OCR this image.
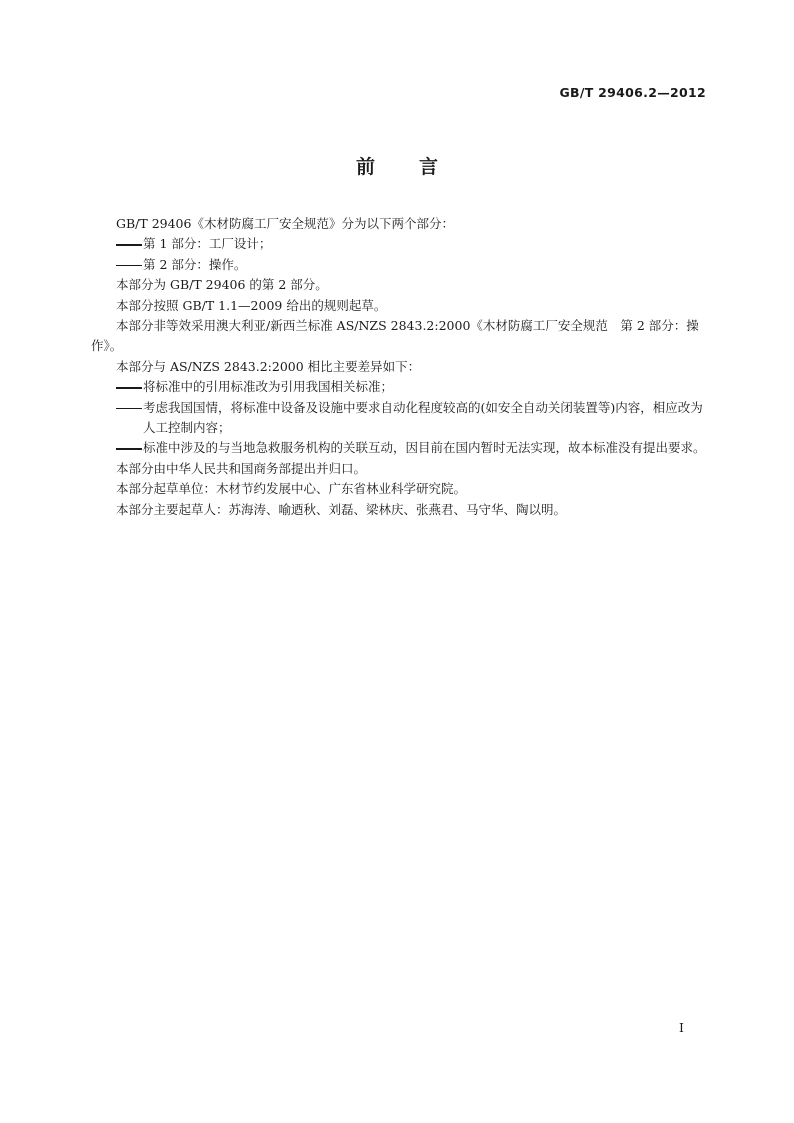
GB/T 29406.2—2012
前言

GB/T 29406《木材防腐工厂安全规范》分为以下两个部分：

第 1 部分：工厂设计；
第 2 部分：操作。

本部分为 GB/T 29406 的第 2 部分。

本部分按照 GB/T 1.1—2009 给出的规则起草。

本部分非等效采用澳大利亚/新西兰标准 AS/NZS 2843.2:2000《木材防腐工厂安全规范　第 2 部分：操作》。

本部分与 AS/NZS 2843.2:2000 相比主要差异如下：

将标准中的引用标准改为引用我国相关标准；
考虑我国国情，将标准中设备及设施中要求自动化程度较高的(如安全自动关闭装置等)内容，相应改为人工控制内容；
标准中涉及的与当地急救服务机构的关联互动，因目前在国内暂时无法实现，故本标准没有提出要求。

本部分由中华人民共和国商务部提出并归口。

本部分起草单位：木材节约发展中心、广东省林业科学研究院。

本部分主要起草人：苏海涛、喻迺秋、刘磊、梁林庆、张燕君、马守华、陶以明。

I
